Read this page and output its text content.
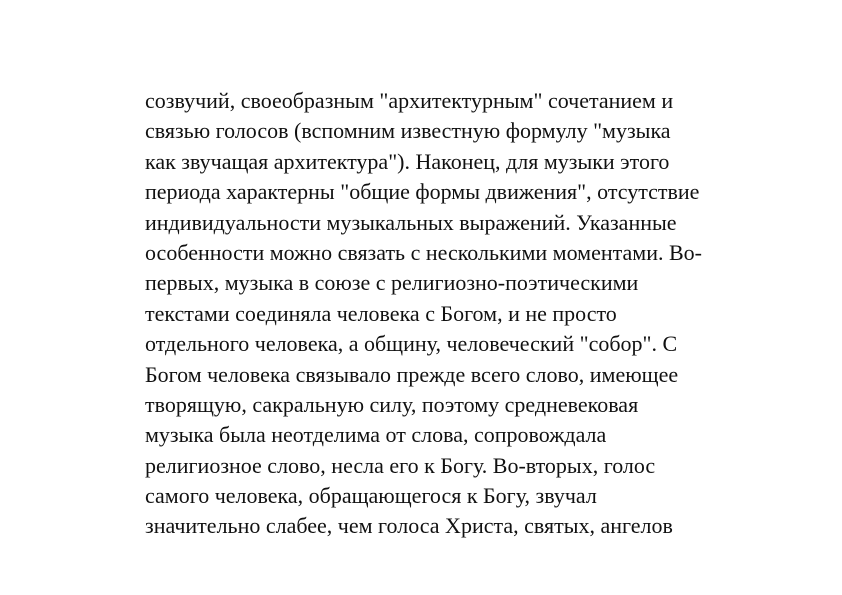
созвучий, своеобразным "архитектурным" сочетанием и
связью голосов (вспомним известную формулу "музыка
как звучащая архитектура"). Наконец, для музыки этого
периода характерны "общие формы движения", отсутствие
индивидуальности музыкальных выражений. Указанные
особенности можно связать с несколькими моментами. Во-
первых, музыка в союзе с религиозно-поэтическими
текстами соединяла человека с Богом, и не просто
отдельного человека, а общину, человеческий "собор". С
Богом человека связывало прежде всего слово, имеющее
творящую, сакральную силу, поэтому средневековая
музыка была неотделима от слова, сопровождала
религиозное слово, несла его к Богу. Во-вторых, голос
самого человека, обращающегося к Богу, звучал
значительно слабее, чем голоса Христа, святых, ангелов
